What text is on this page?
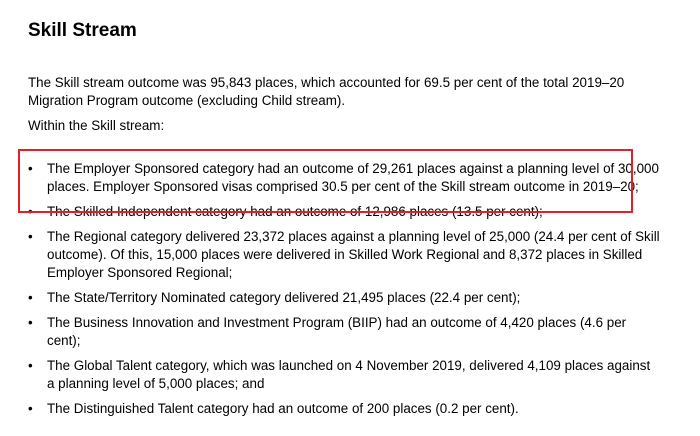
Skill Stream
The Skill stream outcome was 95,843 places, which accounted for 69.5 per cent of the total 2019–20 Migration Program outcome (excluding Child stream).
Within the Skill stream:
•	The Employer Sponsored category had an outcome of 29,261 places against a planning level of 30,000 places. Employer Sponsored visas comprised 30.5 per cent of the Skill stream outcome in 2019–20;
•	The Skilled Independent category had an outcome of 12,986 places (13.5 per cent);
•	The Regional category delivered 23,372 places against a planning level of 25,000 (24.4 per cent of Skill outcome). Of this, 15,000 places were delivered in Skilled Work Regional and 8,372 places in Skilled Employer Sponsored Regional;
•	The State/Territory Nominated category delivered 21,495 places (22.4 per cent);
•	The Business Innovation and Investment Program (BIIP) had an outcome of 4,420 places (4.6 per cent);
•	The Global Talent category, which was launched on 4 November 2019, delivered 4,109 places against a planning level of 5,000 places; and
•	The Distinguished Talent category had an outcome of 200 places (0.2 per cent).
